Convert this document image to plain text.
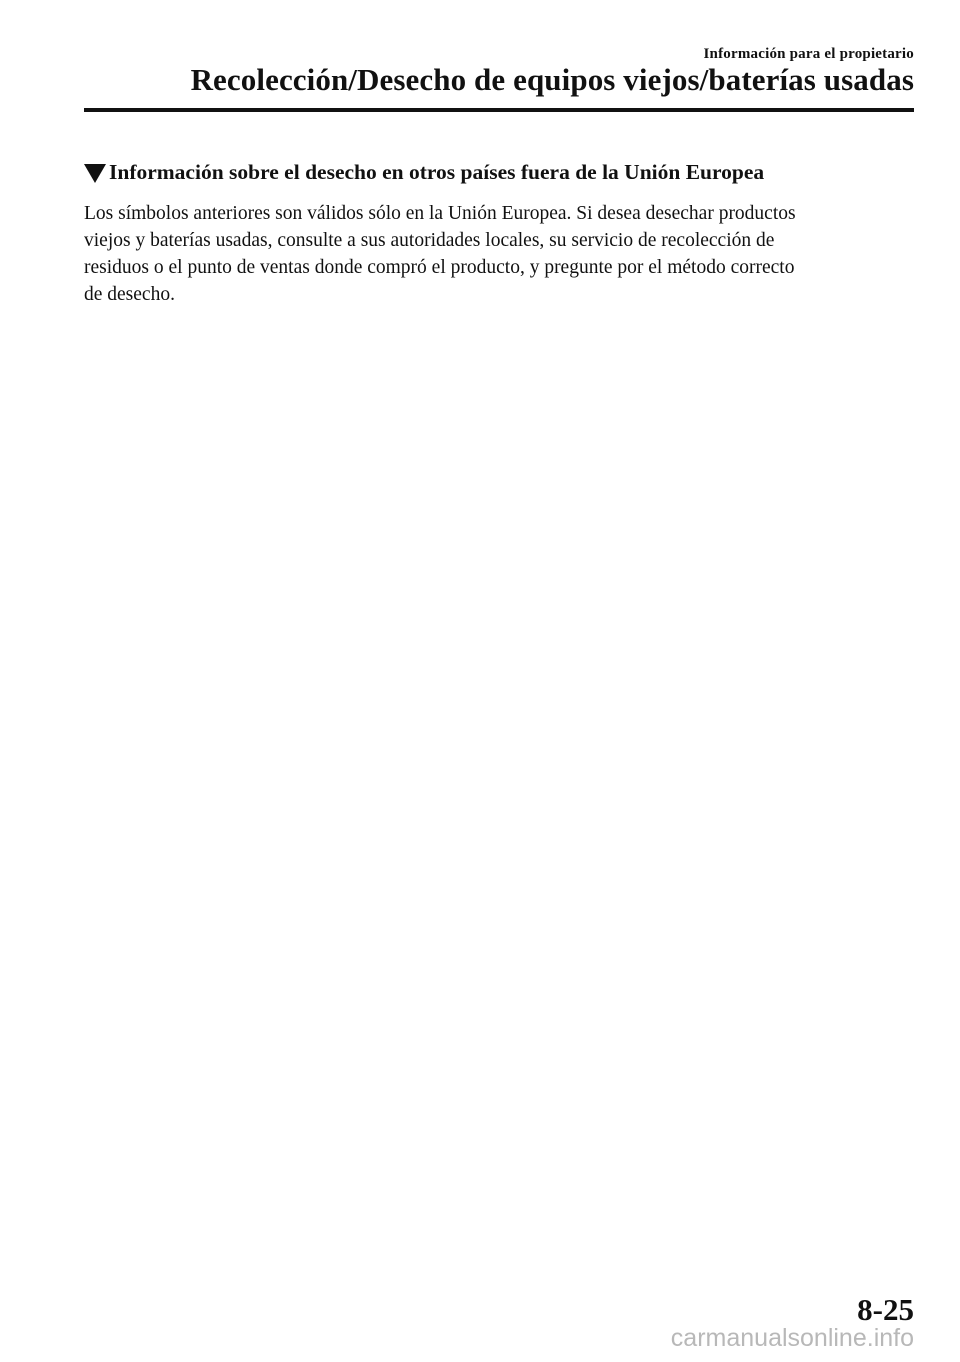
Información para el propietario
Recolección/Desecho de equipos viejos/baterías usadas
Información sobre el desecho en otros países fuera de la Unión Europea

Los símbolos anteriores son válidos sólo en la Unión Europea. Si desea desechar productos
viejos y baterías usadas, consulte a sus autoridades locales, su servicio de recolección de
residuos o el punto de ventas donde compró el producto, y pregunte por el método correcto
de desecho.

8-25
carmanualsonline.info
